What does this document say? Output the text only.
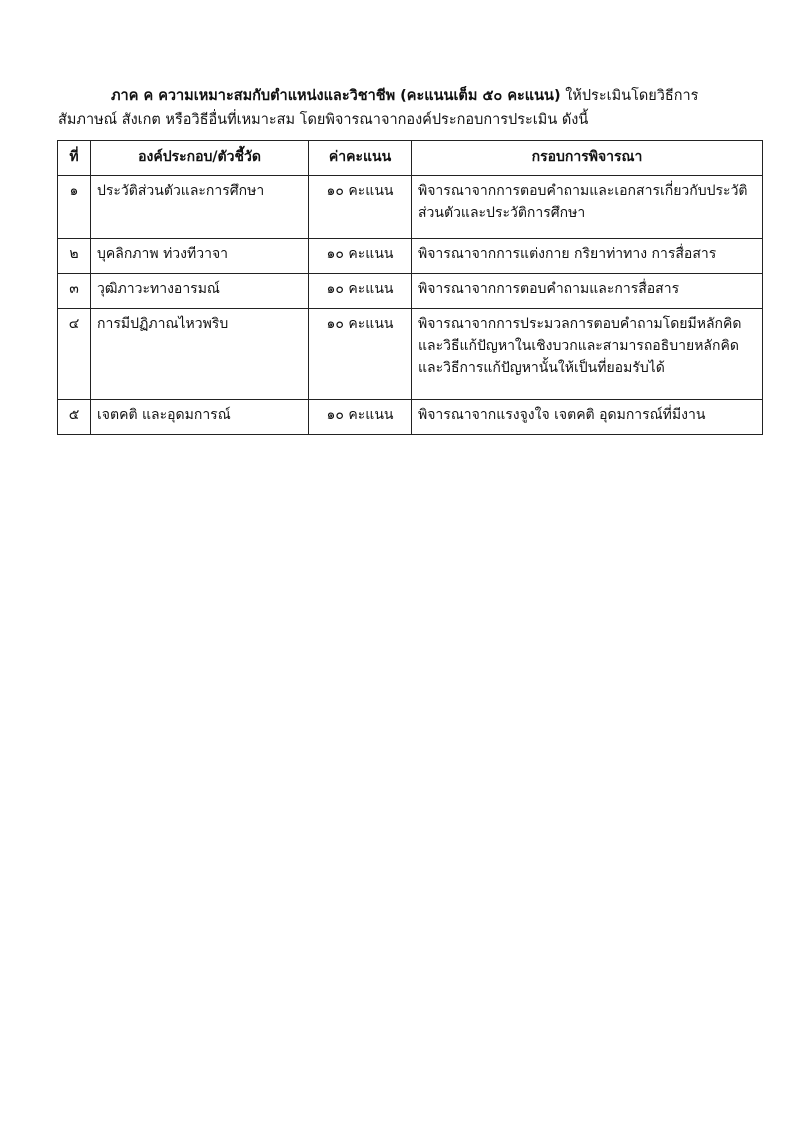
ภาค ค ความเหมาะสมกับตำแหน่งและวิชาชีพ (คะแนนเต็ม ๕๐ คะแนน) ให้ประเมินโดยวิธีการ
สัมภาษณ์ สังเกต หรือวิธีอื่นที่เหมาะสม โดยพิจารณาจากองค์ประกอบการประเมิน ดังนี้

ที่	องค์ประกอบ/ตัวชี้วัด	ค่าคะแนน	กรอบการพิจารณา
๑	ประวัติส่วนตัวและการศึกษา	๑๐ คะแนน	พิจารณาจากการตอบคำถามและเอกสารเกี่ยวกับประวัติส่วนตัวและประวัติการศึกษา
๒	บุคลิกภาพ ท่วงทีวาจา	๑๐ คะแนน	พิจารณาจากการแต่งกาย กริยาท่าทาง การสื่อสาร
๓	วุฒิภาวะทางอารมณ์	๑๐ คะแนน	พิจารณาจากการตอบคำถามและการสื่อสาร
๔	การมีปฏิภาณไหวพริบ	๑๐ คะแนน	พิจารณาจากการประมวลการตอบคำถามโดยมีหลักคิดและวิธีแก้ปัญหาในเชิงบวกและสามารถอธิบายหลักคิดและวิธีการแก้ปัญหานั้นให้เป็นที่ยอมรับได้
๕	เจตคติ และอุดมการณ์	๑๐ คะแนน	พิจารณาจากแรงจูงใจ เจตคติ อุดมการณ์ที่มีงาน
